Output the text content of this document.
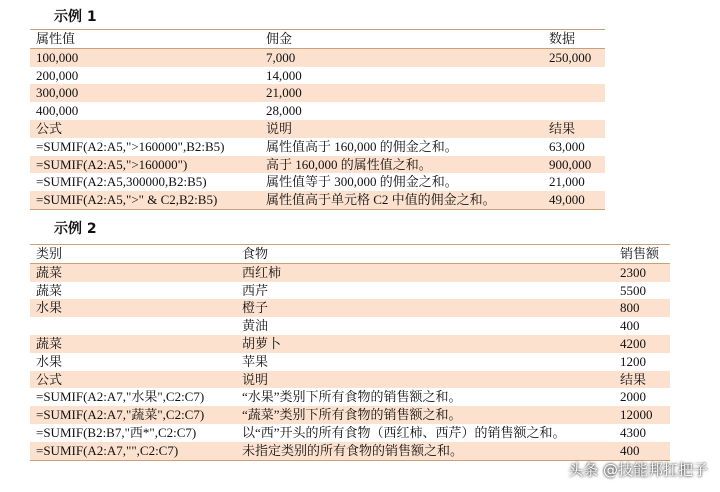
示例 1
属性值	佣金	数据
100,000	7,000	250,000
200,000	14,000	
300,000	21,000	
400,000	28,000	
公式	说明	结果
=SUMIF(A2:A5,">160000",B2:B5)	属性值高于 160,000 的佣金之和。	63,000
=SUMIF(A2:A5,">160000")	高于 160,000 的属性值之和。	900,000
=SUMIF(A2:A5,300000,B2:B5)	属性值等于 300,000 的佣金之和。	21,000
=SUMIF(A2:A5,">" & C2,B2:B5)	属性值高于单元格 C2 中值的佣金之和。	49,000
示例 2
类别	食物	销售额
蔬菜	西红柿	2300
蔬菜	西芹	5500
水果	橙子	800
	黄油	400
蔬菜	胡萝卜	4200
水果	苹果	1200
公式	说明	结果
=SUMIF(A2:A7,"水果",C2:C7)	“水果”类别下所有食物的销售额之和。	2000
=SUMIF(A2:A7,"蔬菜",C2:C7)	“蔬菜”类别下所有食物的销售额之和。	12000
=SUMIF(B2:B7,"西*",C2:C7)	以“西”开头的所有食物（西红柿、西芹）的销售额之和。	4300
=SUMIF(A2:A7,"",C2:C7)	未指定类别的所有食物的销售额之和。	400
头条 @技能邦扛把子
